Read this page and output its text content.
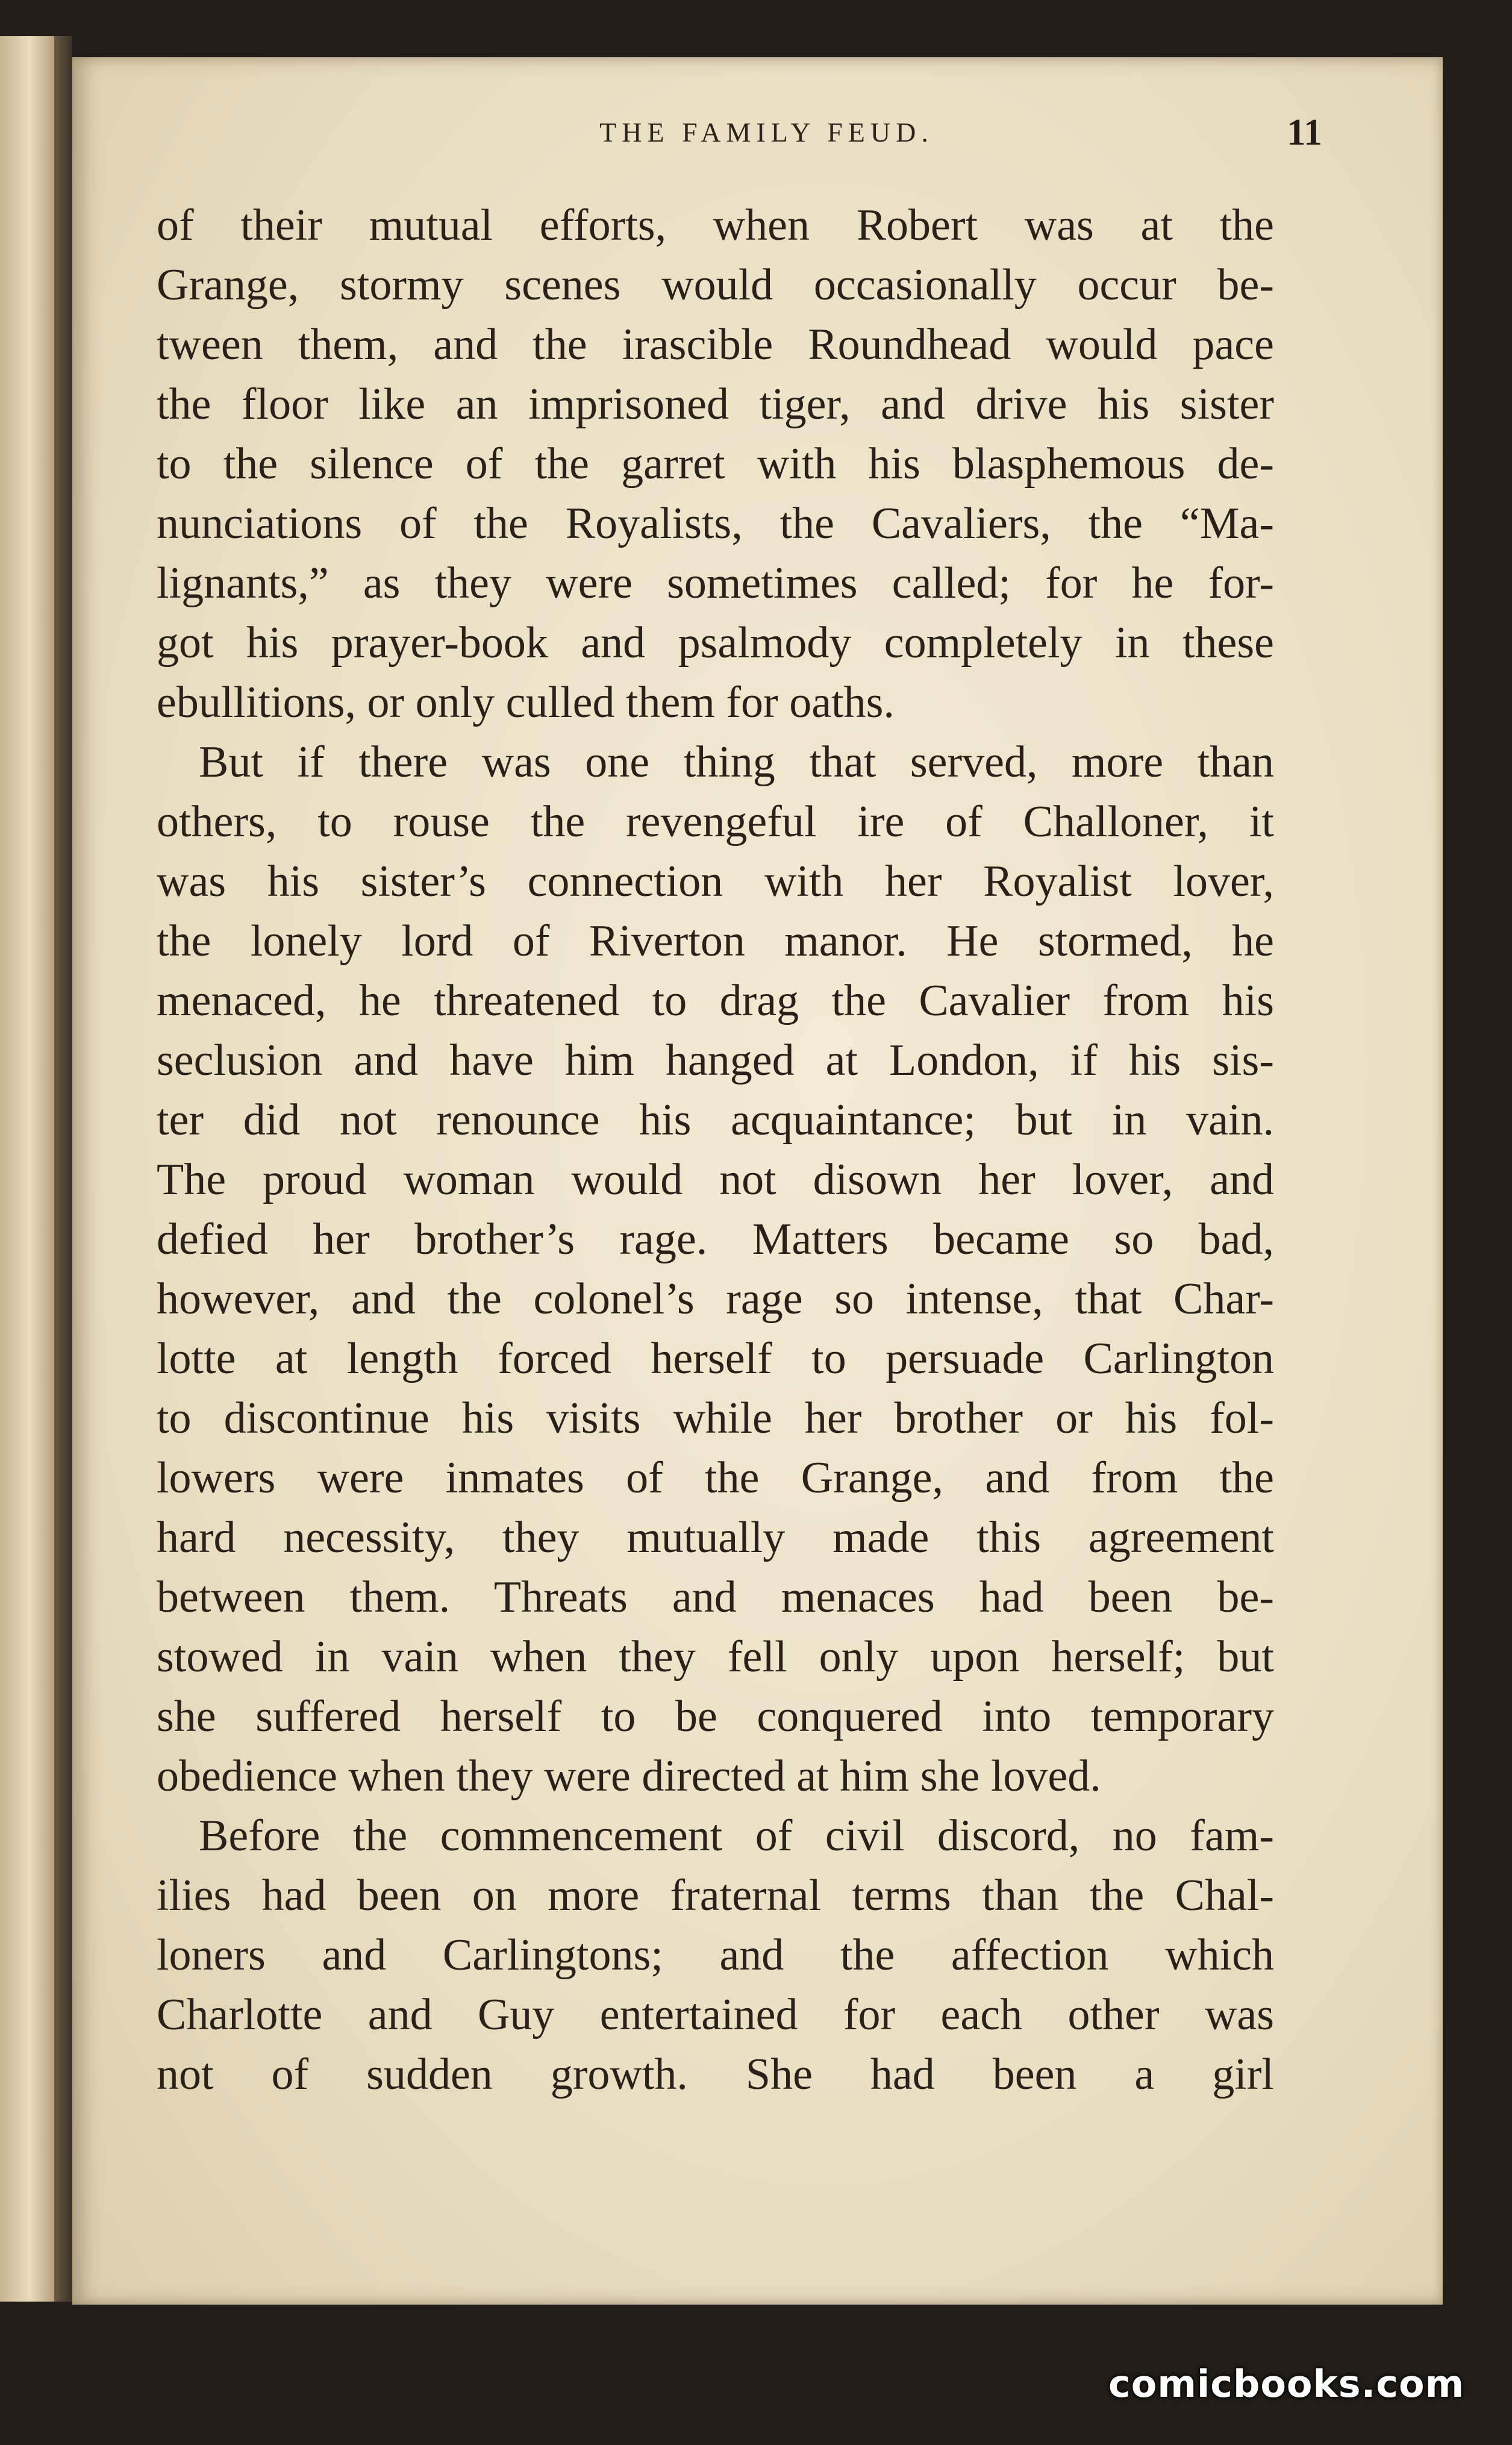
THE FAMILY FEUD.	11
of their mutual efforts, when Robert was at the
Grange, stormy scenes would occasionally occur be-
tween them, and the irascible Roundhead would pace
the floor like an imprisoned tiger, and drive his sister
to the silence of the garret with his blasphemous de-
nunciations of the Royalists, the Cavaliers, the “Ma-
lignants,” as they were sometimes called; for he for-
got his prayer-book and psalmody completely in these
ebullitions, or only culled them for oaths.
But if there was one thing that served, more than
others, to rouse the revengeful ire of Challoner, it
was his sister’s connection with her Royalist lover,
the lonely lord of Riverton manor. He stormed, he
menaced, he threatened to drag the Cavalier from his
seclusion and have him hanged at London, if his sis-
ter did not renounce his acquaintance; but in vain.
The proud woman would not disown her lover, and
defied her brother’s rage. Matters became so bad,
however, and the colonel’s rage so intense, that Char-
lotte at length forced herself to persuade Carlington
to discontinue his visits while her brother or his fol-
lowers were inmates of the Grange, and from the
hard necessity, they mutually made this agreement
between them. Threats and menaces had been be-
stowed in vain when they fell only upon herself; but
she suffered herself to be conquered into temporary
obedience when they were directed at him she loved.
Before the commencement of civil discord, no fam-
ilies had been on more fraternal terms than the Chal-
loners and Carlingtons; and the affection which
Charlotte and Guy entertained for each other was
not of sudden growth. She had been a girl
comicbooks.com
